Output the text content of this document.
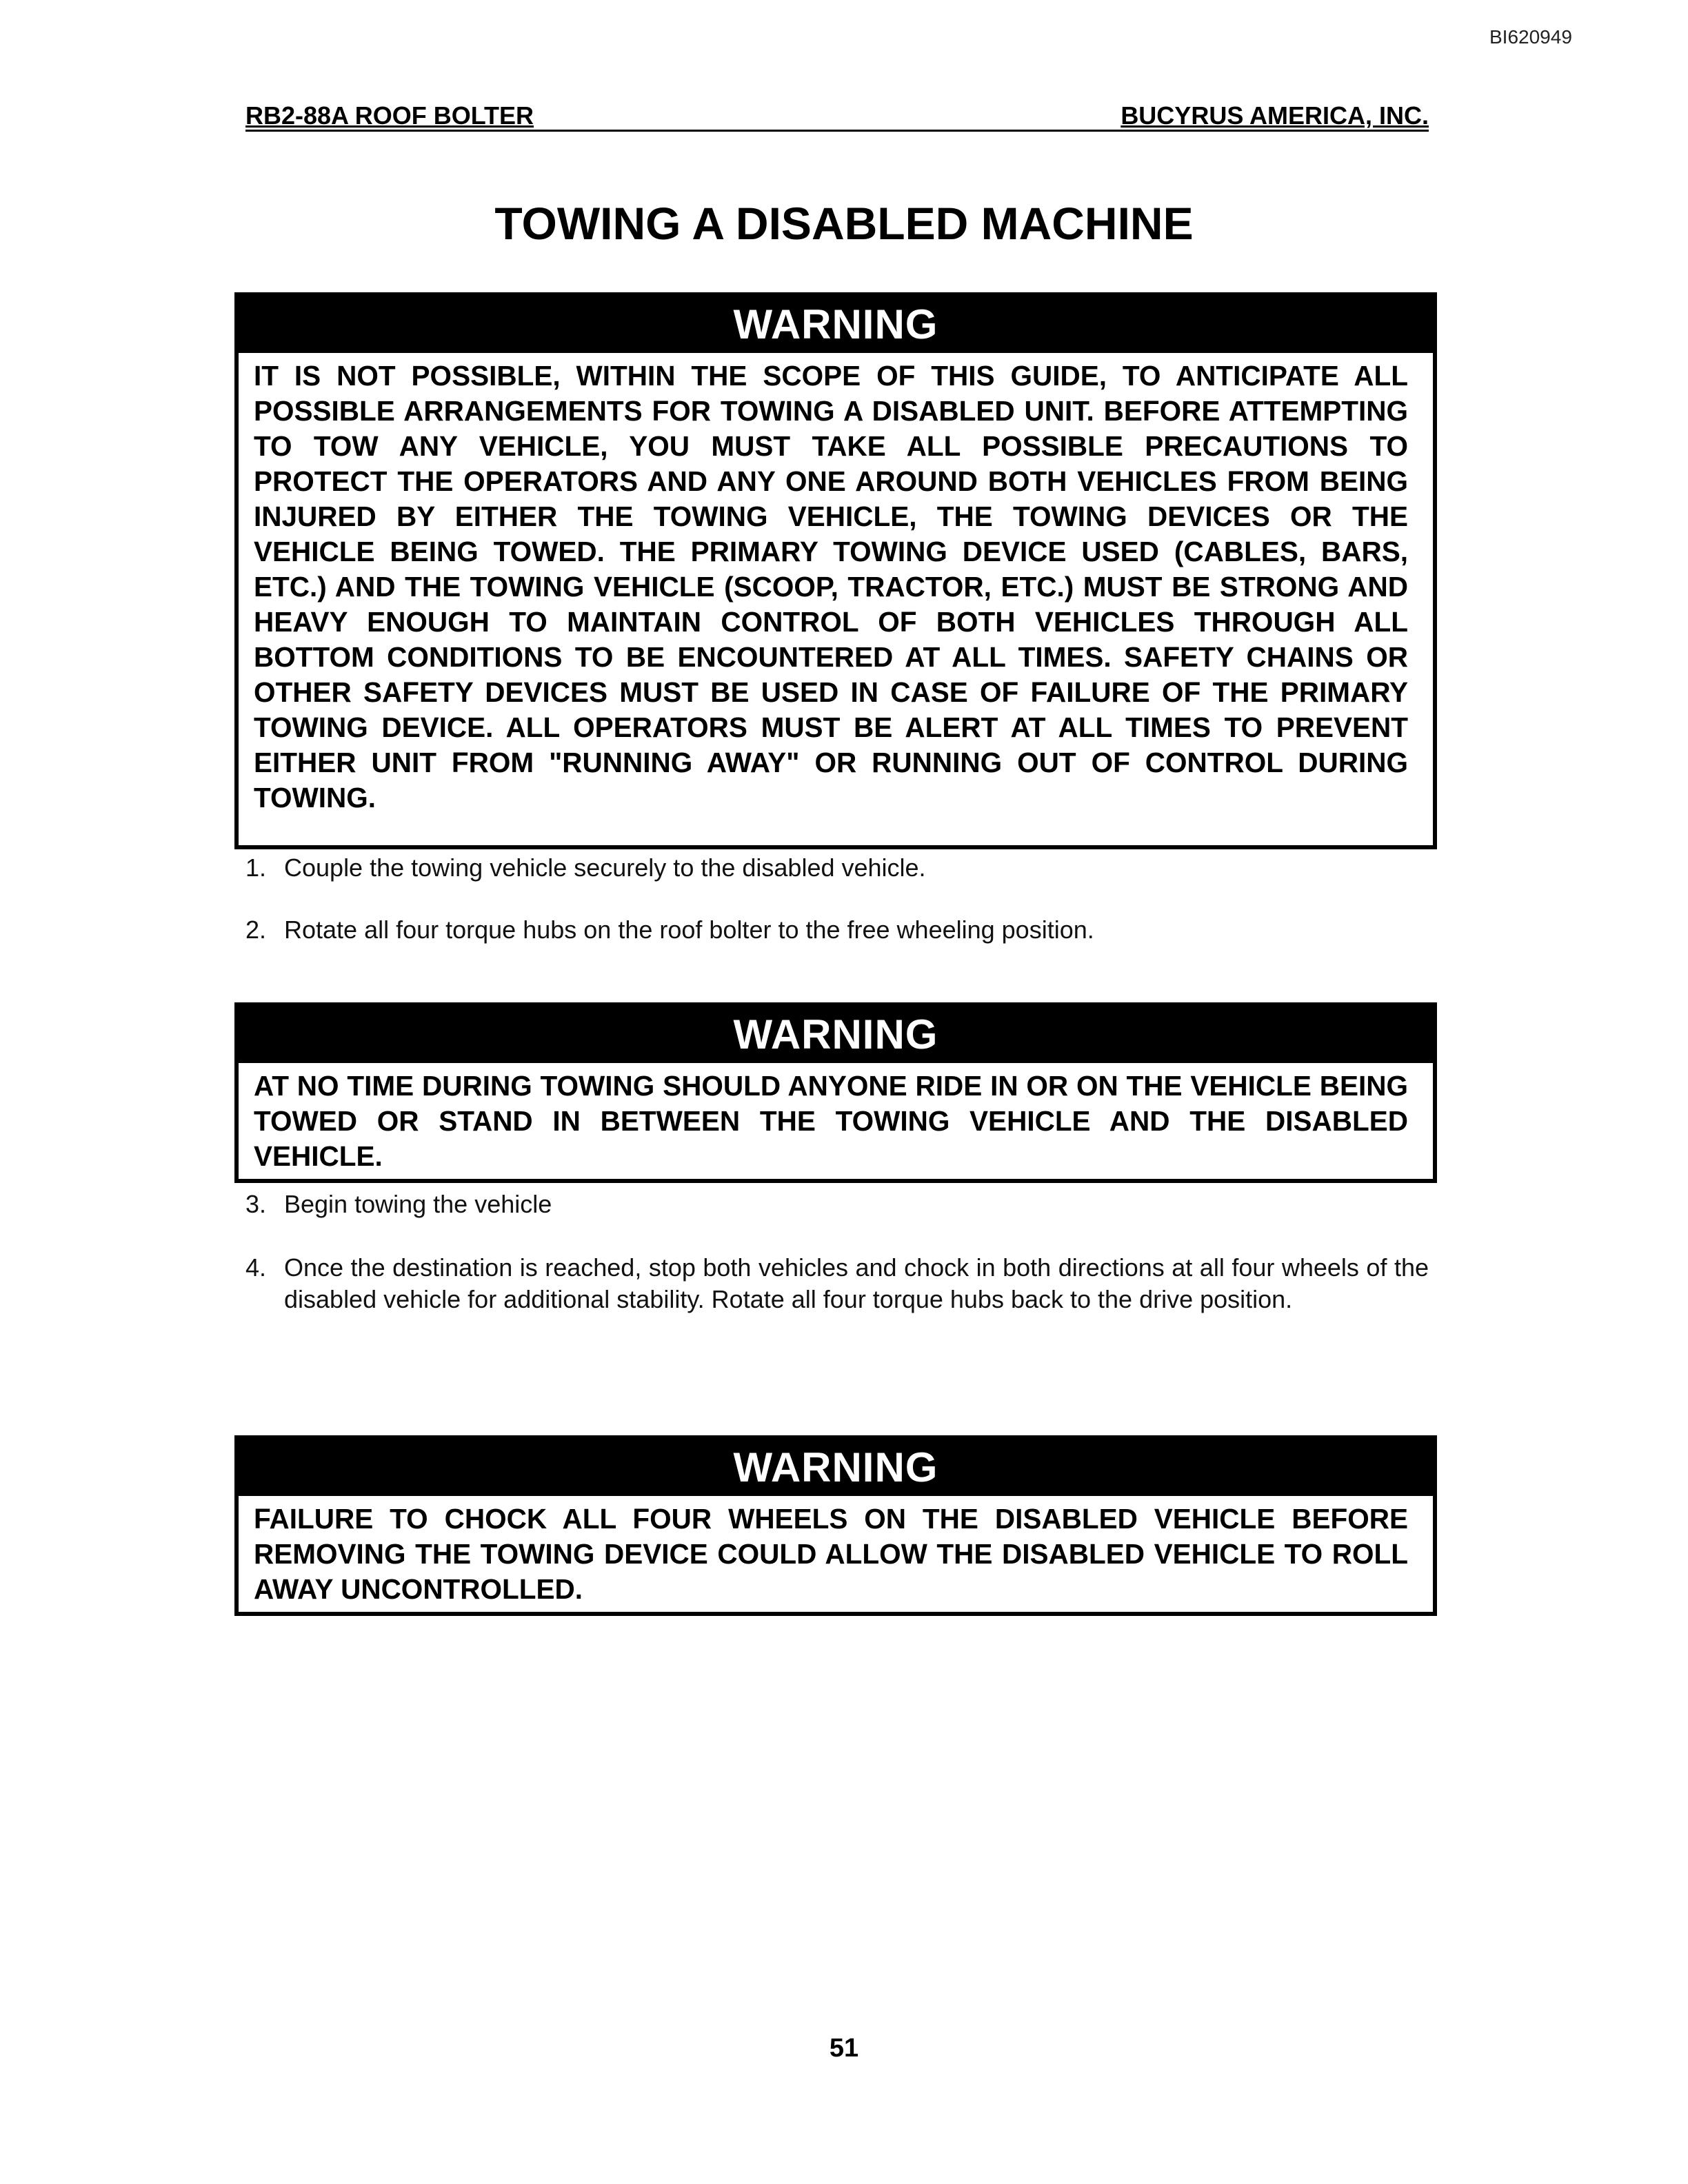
BI620949
RB2-88A ROOF BOLTER	BUCYRUS AMERICA, INC.
TOWING A DISABLED MACHINE
WARNING
IT IS NOT POSSIBLE, WITHIN THE SCOPE OF THIS GUIDE, TO ANTICIPATE ALL POSSIBLE ARRANGEMENTS FOR TOWING A DISABLED UNIT. BEFORE ATTEMPTING TO TOW ANY VEHICLE, YOU MUST TAKE ALL POSSIBLE PRECAUTIONS TO PROTECT THE OPERATORS AND ANY ONE AROUND BOTH VEHICLES FROM BEING INJURED BY EITHER THE TOWING VEHICLE, THE TOWING DEVICES OR THE VEHICLE BEING TOWED. THE PRIMARY TOWING DEVICE USED (CABLES, BARS, ETC.) AND THE TOWING VEHICLE (SCOOP, TRACTOR, ETC.) MUST BE STRONG AND HEAVY ENOUGH TO MAINTAIN CONTROL OF BOTH VEHICLES THROUGH ALL BOTTOM CONDITIONS TO BE ENCOUNTERED AT ALL TIMES. SAFETY CHAINS OR OTHER SAFETY DEVICES MUST BE USED IN CASE OF FAILURE OF THE PRIMARY TOWING DEVICE. ALL OPERATORS MUST BE ALERT AT ALL TIMES TO PREVENT EITHER UNIT FROM "RUNNING AWAY" OR RUNNING OUT OF CONTROL DURING TOWING.
1. Couple the towing vehicle securely to the disabled vehicle.
2. Rotate all four torque hubs on the roof bolter to the free wheeling position.
WARNING
AT NO TIME DURING TOWING SHOULD ANYONE RIDE IN OR ON THE VEHICLE BEING TOWED OR STAND IN BETWEEN THE TOWING VEHICLE AND THE DISABLED VEHICLE.
3. Begin towing the vehicle
4. Once the destination is reached, stop both vehicles and chock in both directions at all four wheels of the disabled vehicle for additional stability. Rotate all four torque hubs back to the drive position.
WARNING
FAILURE TO CHOCK ALL FOUR WHEELS ON THE DISABLED VEHICLE BEFORE REMOVING THE TOWING DEVICE COULD ALLOW THE DISABLED VEHICLE TO ROLL AWAY UNCONTROLLED.
51
